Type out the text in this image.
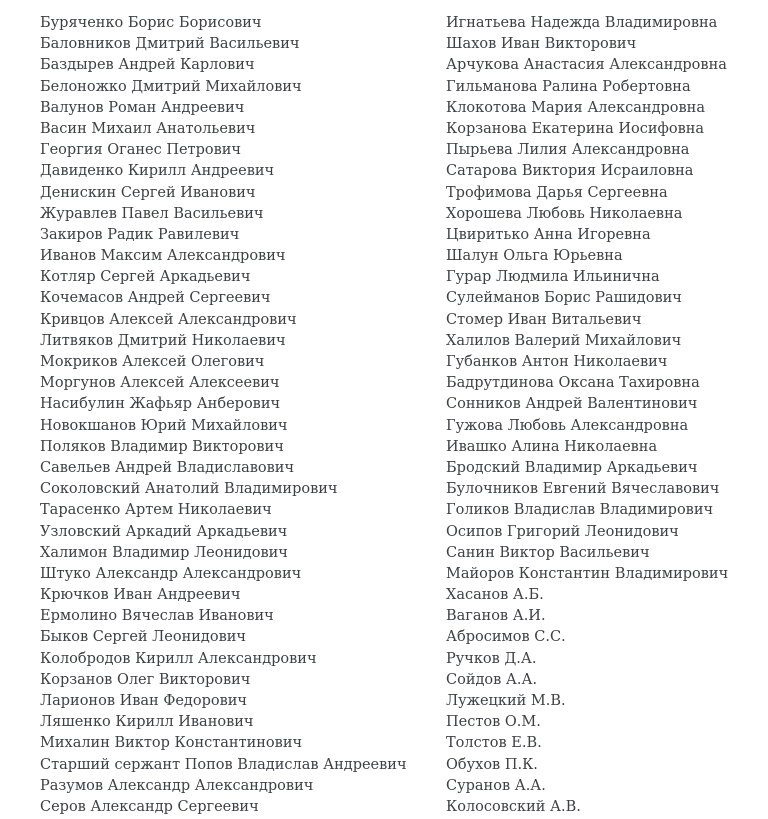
Буряченко Борис Борисович	Игнатьева Надежда Владимировна
Баловников Дмитрий Васильевич	Шахов Иван Викторович
Баздырев Андрей Карлович	Арчукова Анастасия Александровна
Белоножко Дмитрий Михайлович	Гильманова Ралина Робертовна
Валунов Роман Андреевич	Клокотова Мария Александровна
Васин Михаил Анатольевич	Корзанова Екатерина Иосифовна
Георгия Оганес Петрович	Пырьева Лилия Александровна
Давиденко Кирилл Андреевич	Сатарова Виктория Исраиловна
Денискин Сергей Иванович	Трофимова Дарья Сергеевна
Журавлев Павел Васильевич	Хорошева Любовь Николаевна
Закиров Радик Равилевич	Цвиритько Анна Игоревна
Иванов Максим Александрович	Шалун Ольга Юрьевна
Котляр Сергей Аркадьевич	Гурар Людмила Ильинична
Кочемасов Андрей Сергеевич	Сулейманов Борис Рашидович
Кривцов Алексей Александрович	Стомер Иван Витальевич
Литвяков Дмитрий Николаевич	Халилов Валерий Михайлович
Мокриков Алексей Олегович	Губанков Антон Николаевич
Моргунов Алексей Алексеевич	Бадрутдинова Оксана Тахировна
Насибулин Жафьяр Анберович	Сонников Андрей Валентинович
Новокшанов Юрий Михайлович	Гужова Любовь Александровна
Поляков Владимир Викторович	Ивашко Алина Николаевна
Савельев Андрей Владиславович	Бродский Владимир Аркадьевич
Соколовский Анатолий Владимирович	Булочников Евгений Вячеславович
Тарасенко Артем Николаевич	Голиков Владислав Владимирович
Узловский Аркадий Аркадьевич	Осипов Григорий Леонидович
Халимон Владимир Леонидович	Санин Виктор Васильевич
Штуко Александр Александрович	Майоров Константин Владимирович
Крючков Иван Андреевич	Хасанов А.Б.
Ермолино Вячеслав Иванович	Ваганов А.И.
Быков Сергей Леонидович	Абросимов С.С.
Колобродов Кирилл Александрович	Ручков Д.А.
Корзанов Олег Викторович	Сойдов А.А.
Ларионов Иван Федорович	Лужецкий М.В.
Ляшенко Кирилл Иванович	Пестов О.М.
Михалин Виктор Константинович	Толстов Е.В.
Старший сержант Попов Владислав Андреевич	Обухов П.К.
Разумов Александр Александрович	Суранов А.А.
Серов Александр Сергеевич	Колосовский А.В.
